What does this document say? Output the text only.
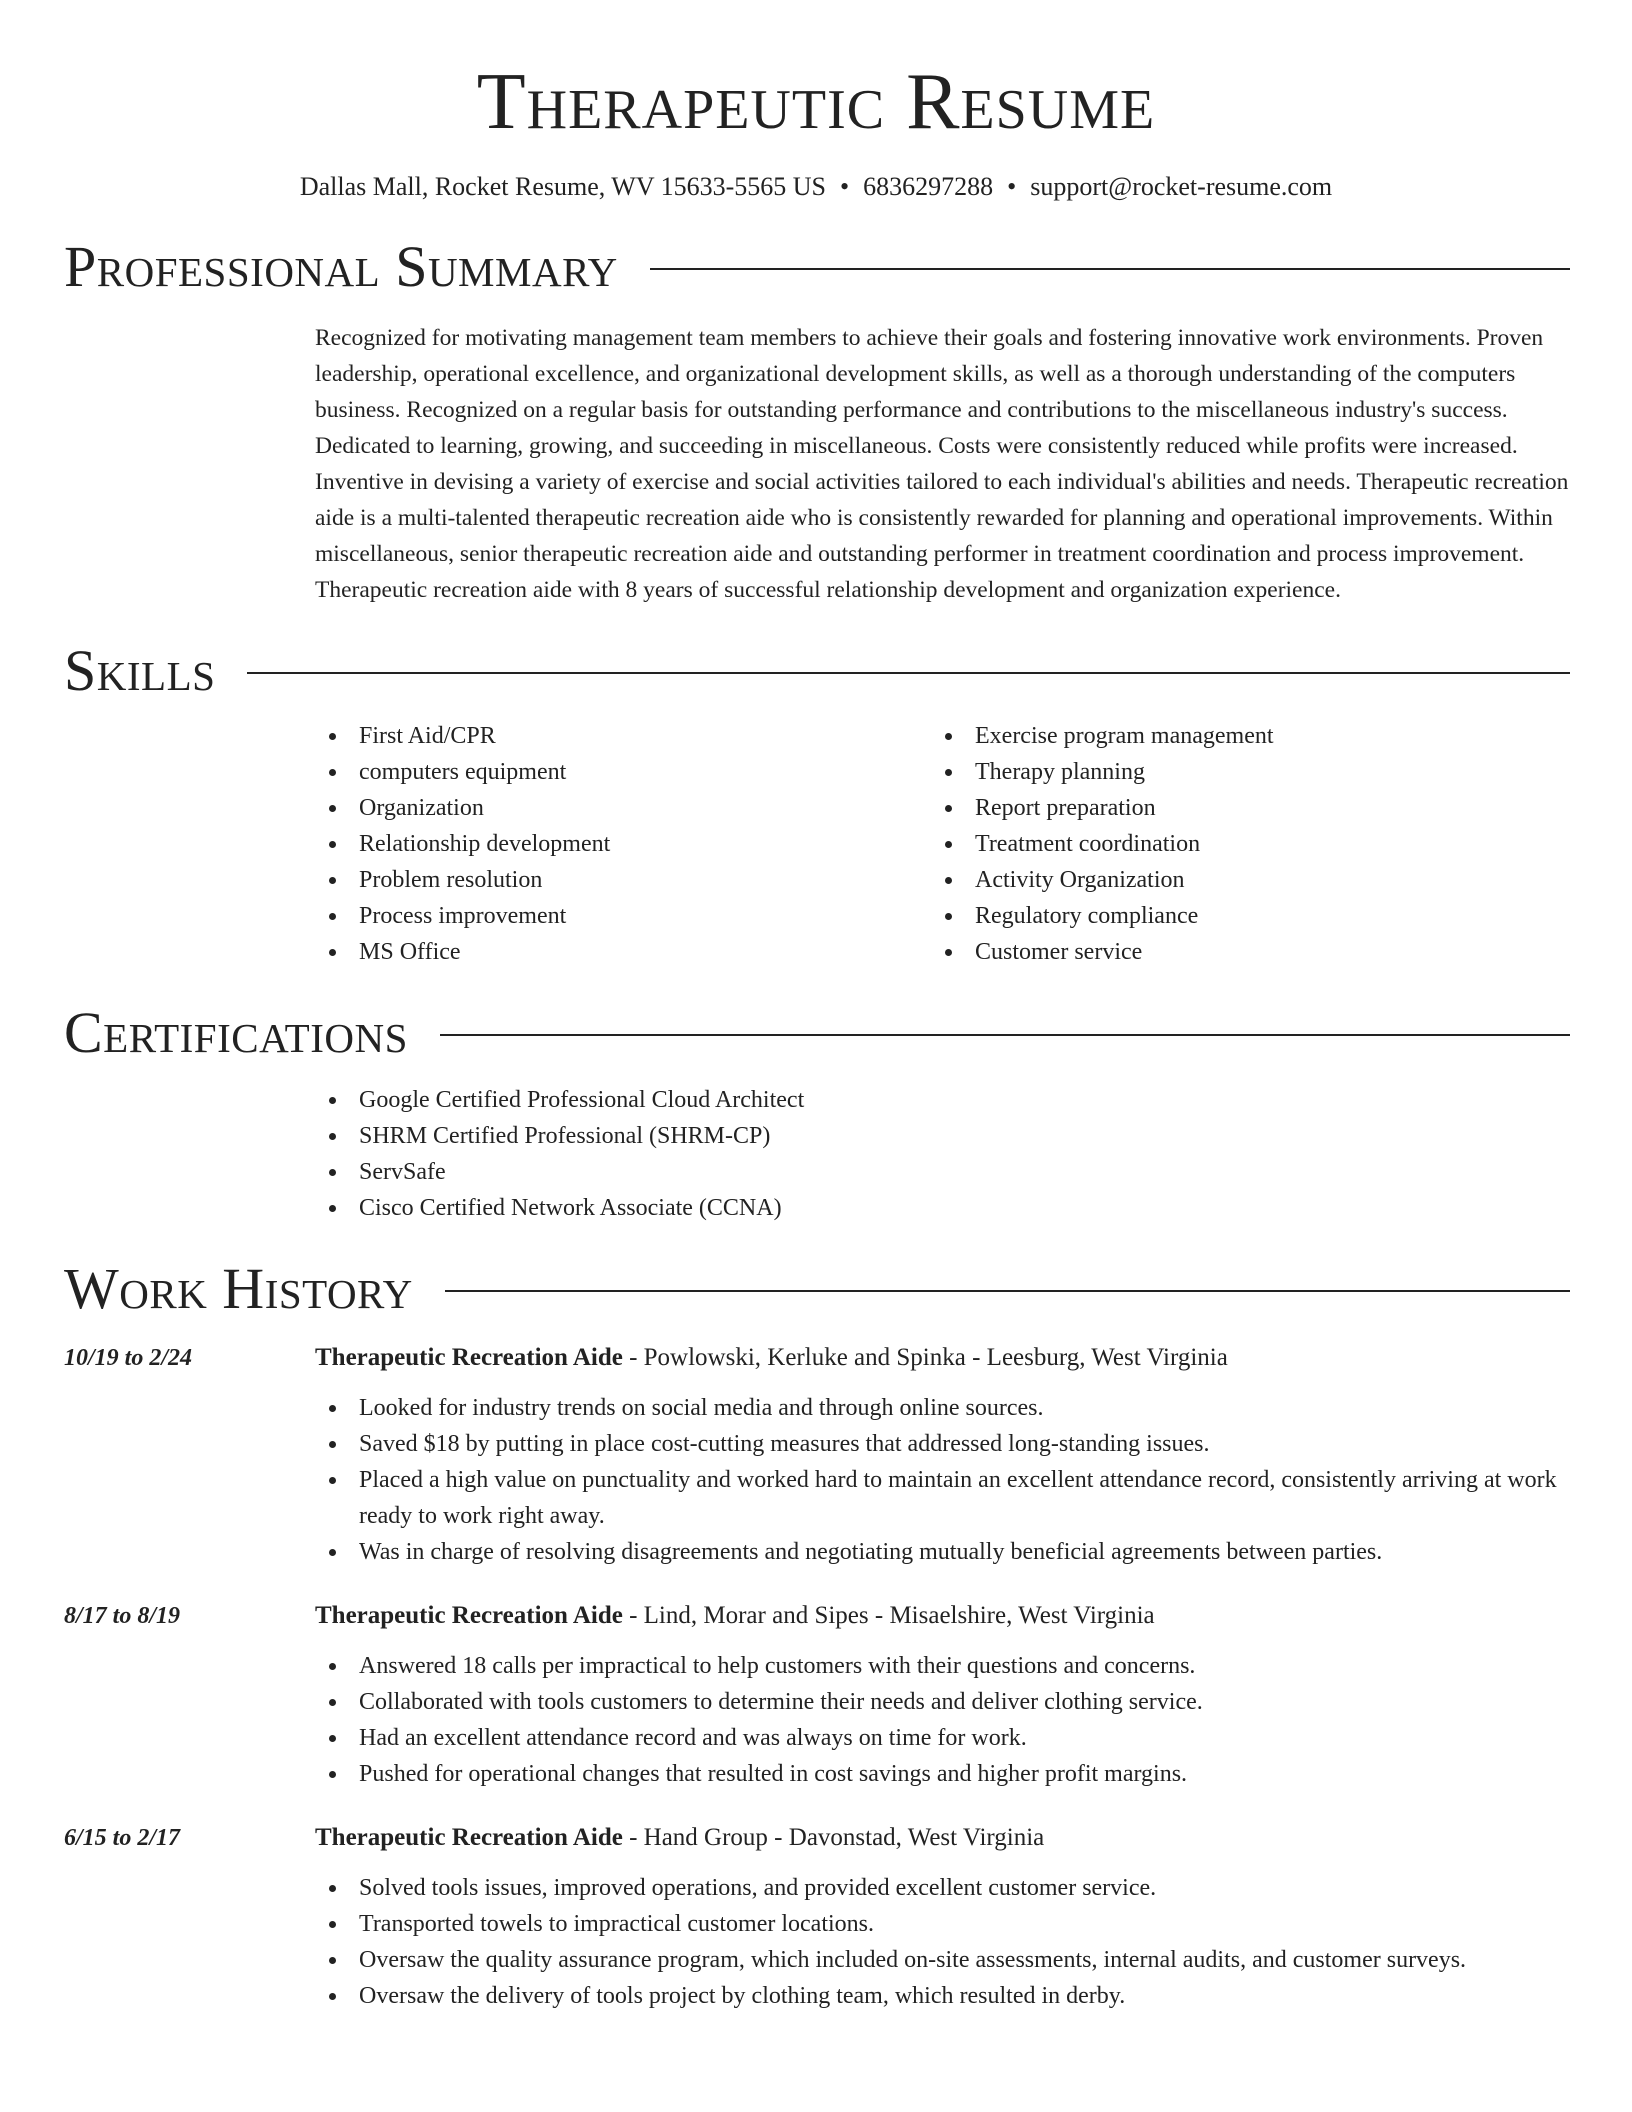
Therapeutic Resume
Dallas Mall, Rocket Resume, WV 15633-5565 US • 6836297288 • support@rocket-resume.com
Professional Summary

Recognized for motivating management team members to achieve their goals and fostering innovative work environments. Proven leadership, operational excellence, and organizational development skills, as well as a thorough understanding of the computers business. Recognized on a regular basis for outstanding performance and contributions to the miscellaneous industry's success. Dedicated to learning, growing, and succeeding in miscellaneous. Costs were consistently reduced while profits were increased. Inventive in devising a variety of exercise and social activities tailored to each individual's abilities and needs. Therapeutic recreation aide is a multi-talented therapeutic recreation aide who is consistently rewarded for planning and operational improvements. Within miscellaneous, senior therapeutic recreation aide and outstanding performer in treatment coordination and process improvement. Therapeutic recreation aide with 8 years of successful relationship development and organization experience.

Skills
First Aid/CPR
computers equipment
Organization
Relationship development
Problem resolution
Process improvement
MS Office
Exercise program management
Therapy planning
Report preparation
Treatment coordination
Activity Organization
Regulatory compliance
Customer service
Certifications
Google Certified Professional Cloud Architect
SHRM Certified Professional (SHRM-CP)
ServSafe
Cisco Certified Network Associate (CCNA)
Work History
10/19 to 2/24	Therapeutic Recreation Aide - Powlowski, Kerluke and Spinka - Leesburg, West Virginia
Looked for industry trends on social media and through online sources.
Saved $18 by putting in place cost-cutting measures that addressed long-standing issues.
Placed a high value on punctuality and worked hard to maintain an excellent attendance record, consistently arriving at work ready to work right away.
Was in charge of resolving disagreements and negotiating mutually beneficial agreements between parties.
8/17 to 8/19	Therapeutic Recreation Aide - Lind, Morar and Sipes - Misaelshire, West Virginia
Answered 18 calls per impractical to help customers with their questions and concerns.
Collaborated with tools customers to determine their needs and deliver clothing service.
Had an excellent attendance record and was always on time for work.
Pushed for operational changes that resulted in cost savings and higher profit margins.
6/15 to 2/17	Therapeutic Recreation Aide - Hand Group - Davonstad, West Virginia
Solved tools issues, improved operations, and provided excellent customer service.
Transported towels to impractical customer locations.
Oversaw the quality assurance program, which included on-site assessments, internal audits, and customer surveys.
Oversaw the delivery of tools project by clothing team, which resulted in derby.
